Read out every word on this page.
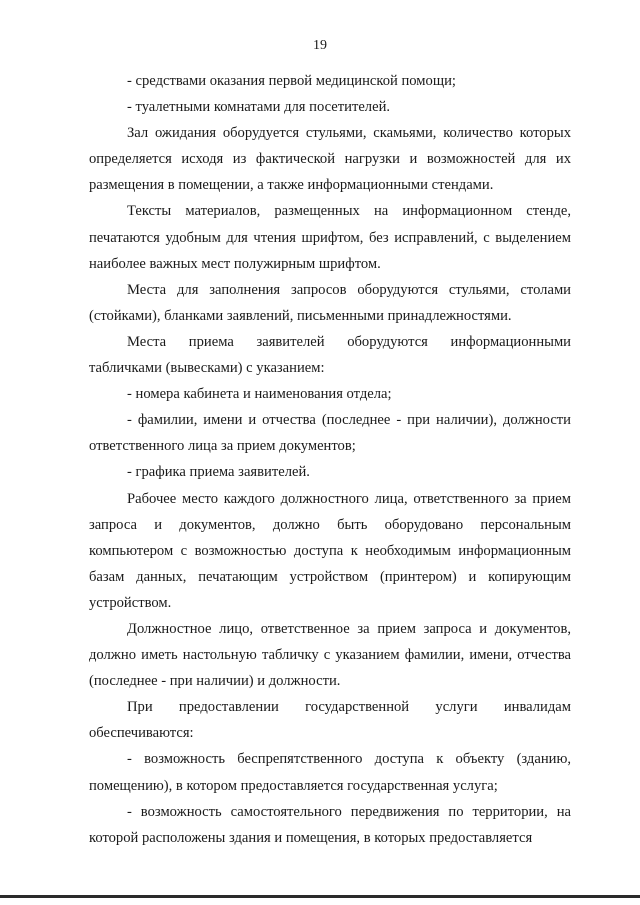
19

- средствами оказания первой медицинской помощи;

- туалетными комнатами для посетителей.

Зал ожидания оборудуется стульями, скамьями, количество которых определяется исходя из фактической нагрузки и возможностей для их размещения в помещении, а также информационными стендами.

Тексты материалов, размещенных на информационном стенде, печатаются удобным для чтения шрифтом, без исправлений, с выделением наиболее важных мест полужирным шрифтом.

Места для заполнения запросов оборудуются стульями, столами (стойками), бланками заявлений, письменными принадлежностями.

Места приема заявителей оборудуются информационными табличками (вывесками) с указанием:

- номера кабинета и наименования отдела;

- фамилии, имени и отчества (последнее - при наличии), должности ответственного лица за прием документов;

- графика приема заявителей.

Рабочее место каждого должностного лица, ответственного за прием запроса и документов, должно быть оборудовано персональным компьютером с возможностью доступа к необходимым информационным базам данных, печатающим устройством (принтером) и копирующим устройством.

Должностное лицо, ответственное за прием запроса и документов, должно иметь настольную табличку с указанием фамилии, имени, отчества (последнее - при наличии) и должности.

При предоставлении государственной услуги инвалидам обеспечиваются:

- возможность беспрепятственного доступа к объекту (зданию, помещению), в котором предоставляется государственная услуга;

- возможность самостоятельного передвижения по территории, на которой расположены здания и помещения, в которых предоставляется
